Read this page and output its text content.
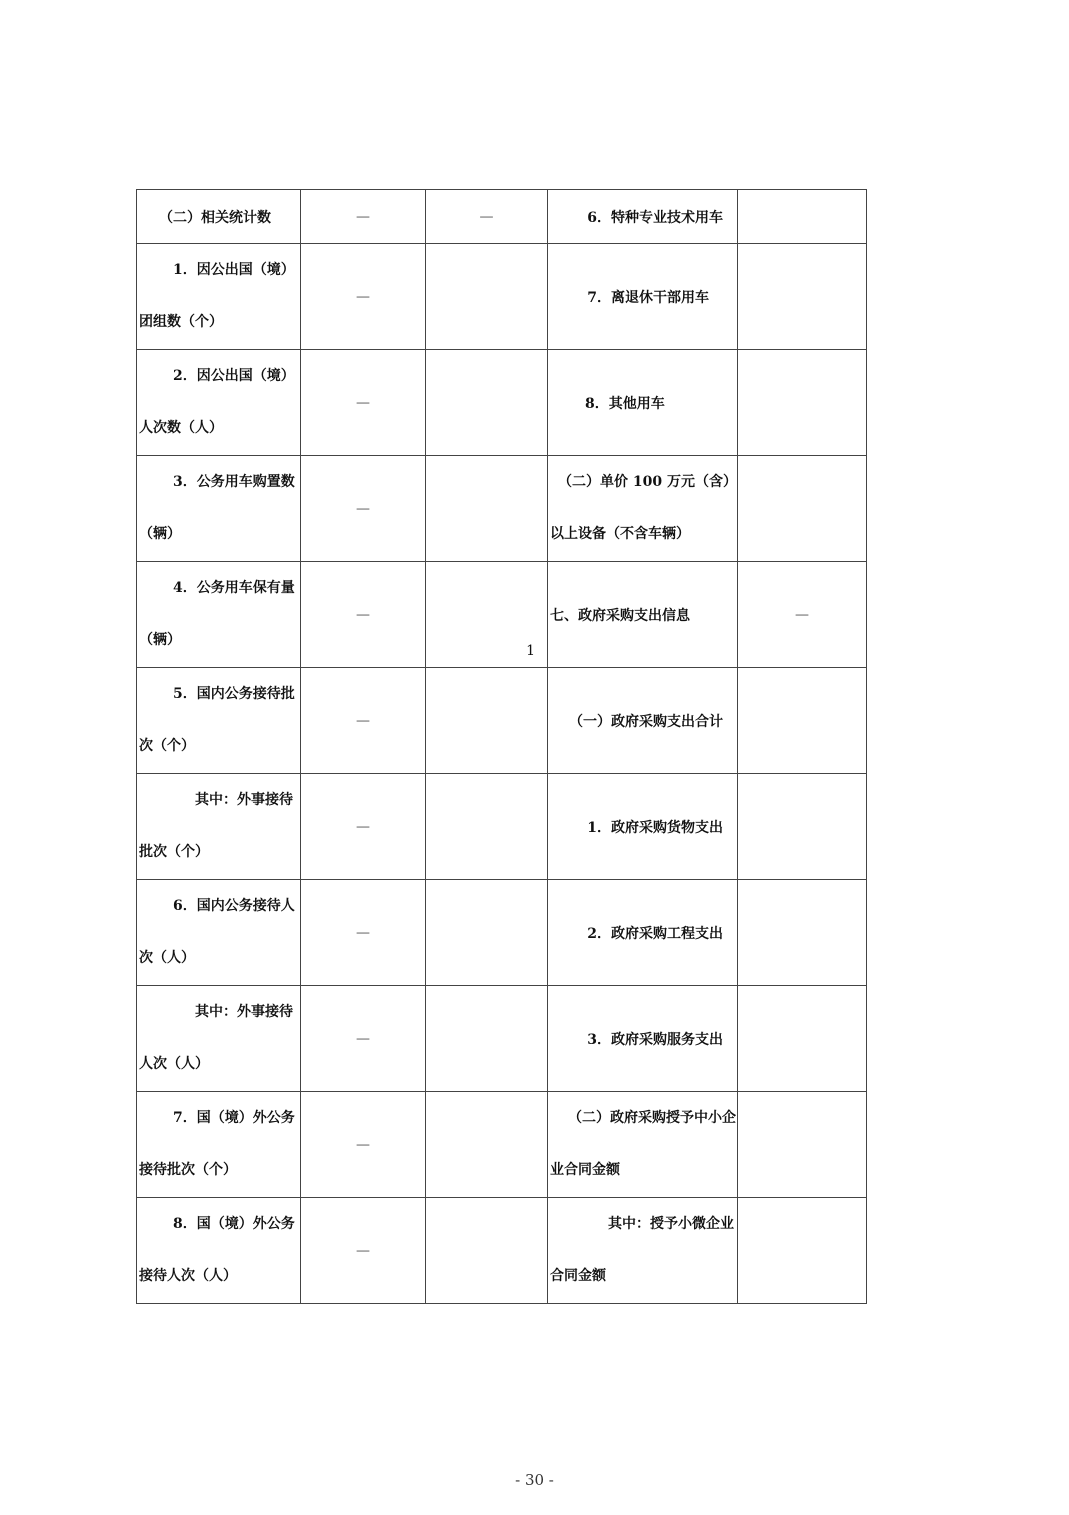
（二）相关统计数	—	—	6．特种专业技术用车	

1．因公出国（境）
团组数（个）	—		7．离退休干部用车	

2．因公出国（境）
人次数（人）	—		8．其他用车	

3．公务用车购置数
（辆）	—		（二）单价 100 万元（含）
以上设备（不含车辆）	

4．公务用车保有量
（辆）	—	1	七、政府采购支出信息	—

5．国内公务接待批
次（个）	—		（一）政府采购支出合计	

其中：外事接待
批次（个）	—		1．政府采购货物支出	

6．国内公务接待人
次（人）	—		2．政府采购工程支出	

其中：外事接待
人次（人）	—		3．政府采购服务支出	

7．国（境）外公务
接待批次（个）	—		（二）政府采购授予中小企
业合同金额	

8．国（境）外公务
接待人次（人）	—		其中：授予小微企业
合同金额	

- 30 -
